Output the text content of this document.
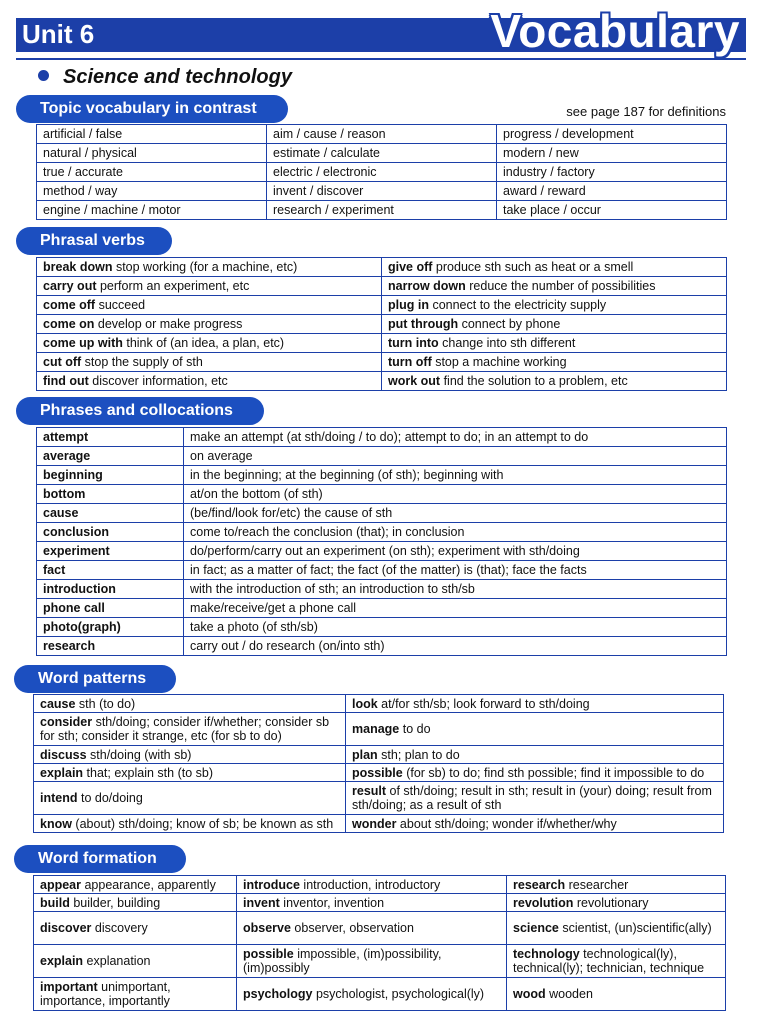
Unit 6	Vocabulary
Science and technology
Topic vocabulary in contrast	see page 187 for definitions
artificial / false	aim / cause / reason	progress / development
natural / physical	estimate / calculate	modern / new
true / accurate	electric / electronic	industry / factory
method / way	invent / discover	award / reward
engine / machine / motor	research / experiment	take place / occur
Phrasal verbs
break down stop working (for a machine, etc)	give off produce sth such as heat or a smell
carry out perform an experiment, etc	narrow down reduce the number of possibilities
come off succeed	plug in connect to the electricity supply
come on develop or make progress	put through connect by phone
come up with think of (an idea, a plan, etc)	turn into change into sth different
cut off stop the supply of sth	turn off stop a machine working
find out discover information, etc	work out find the solution to a problem, etc
Phrases and collocations
attempt	make an attempt (at sth/doing / to do); attempt to do; in an attempt to do
average	on average
beginning	in the beginning; at the beginning (of sth); beginning with
bottom	at/on the bottom (of sth)
cause	(be/find/look for/etc) the cause of sth
conclusion	come to/reach the conclusion (that); in conclusion
experiment	do/perform/carry out an experiment (on sth); experiment with sth/doing
fact	in fact; as a matter of fact; the fact (of the matter) is (that); face the facts
introduction	with the introduction of sth; an introduction to sth/sb
phone call	make/receive/get a phone call
photo(graph)	take a photo (of sth/sb)
research	carry out / do research (on/into sth)
Word patterns
cause sth (to do)	look at/for sth/sb; look forward to sth/doing
consider sth/doing; consider if/whether; consider sb for sth; consider it strange, etc (for sb to do)	manage to do
discuss sth/doing (with sb)	plan sth; plan to do
explain that; explain sth (to sb)	possible (for sb) to do; find sth possible; find it impossible to do
intend to do/doing	result of sth/doing; result in sth; result in (your) doing; result from sth/doing; as a result of sth
know (about) sth/doing; know of sb; be known as sth	wonder about sth/doing; wonder if/whether/why
Word formation
appear appearance, apparently	introduce introduction, introductory	research researcher
build builder, building	invent inventor, invention	revolution revolutionary
discover discovery	observe observer, observation	science scientist, (un)scientific(ally)
explain explanation	possible impossible, (im)possibility, (im)possibly	technology technological(ly), technical(ly); technician, technique
important unimportant, importance, importantly	psychology psychologist, psychological(ly)	wood wooden
